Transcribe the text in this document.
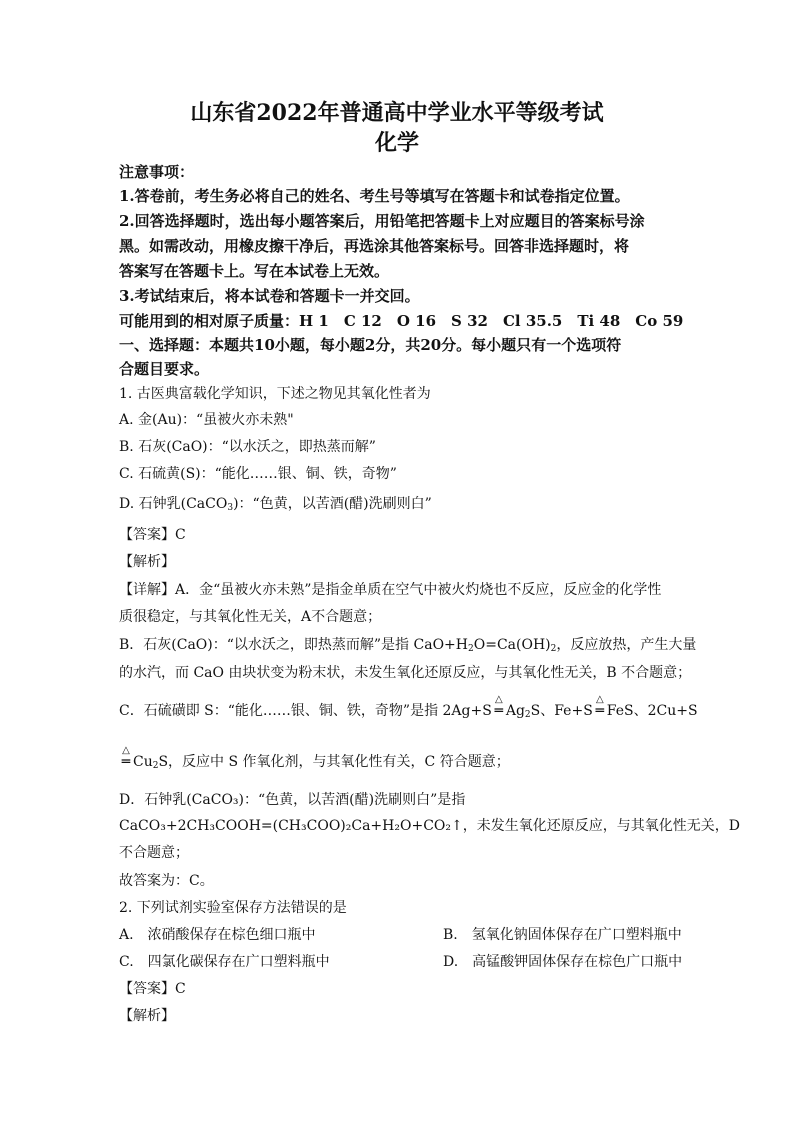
山东省2022年普通高中学业水平等级考试
化学
注意事项：
1.答卷前，考生务必将自己的姓名、考生号等填写在答题卡和试卷指定位置。
2.回答选择题时，选出每小题答案后，用铅笔把答题卡上对应题目的答案标号涂
黑。如需改动，用橡皮擦干净后，再选涂其他答案标号。回答非选择题时，将
答案写在答题卡上。写在本试卷上无效。
3.考试结束后，将本试卷和答题卡一并交回。
可能用到的相对原子质量：H 1　C 12　O 16　S 32　Cl 35.5　Ti 48　Co 59
一、选择题：本题共10小题，每小题2分，共20分。每小题只有一个选项符
合题目要求。
1. 古医典富载化学知识，下述之物见其氧化性者为
A. 金(Au)：“虽被火亦未熟"
B. 石灰(CaO)：“以水沃之，即热蒸而解”
C. 石硫黄(S)：“能化……银、铜、铁，奇物”
D. 石钟乳(CaCO$_3$)：“色黄，以苦酒(醋)洗刷则白”
【答案】C
【解析】
【详解】A．金“虽被火亦未熟”是指金单质在空气中被火灼烧也不反应，反应金的化学性
质很稳定，与其氧化性无关，A不合题意；
B．石灰(CaO)：“以水沃之，即热蒸而解”是指 $CaO+H_2O=Ca(OH)_2$，反应放热，产生大量
的水汽，而 CaO 由块状变为粉末状，未发生氧化还原反应，与其氧化性无关，B 不合题意；
C．石硫磺即 S：“能化……银、铜、铁，奇物”是指 2Ag+S
△
═ $Ag_2S$、Fe+S
△
═ FeS、2Cu+S
△
═ $Cu_2S$，反应中 S 作氧化剂，与其氧化性有关，C 符合题意；
D．石钟乳(CaCO₃)：“色黄，以苦酒(醋)洗刷则白”是指
CaCO₃+2CH₃COOH=(CH₃COO)₂Ca+H₂O+CO₂↑，未发生氧化还原反应，与其氧化性无关，D
不合题意；
故答案为：C。
2. 下列试剂实验室保存方法错误的是
A.　浓硝酸保存在棕色细口瓶中	B.　氢氧化钠固体保存在广口塑料瓶中
C.　四氯化碳保存在广口塑料瓶中	D.　高锰酸钾固体保存在棕色广口瓶中
【答案】C
【解析】
